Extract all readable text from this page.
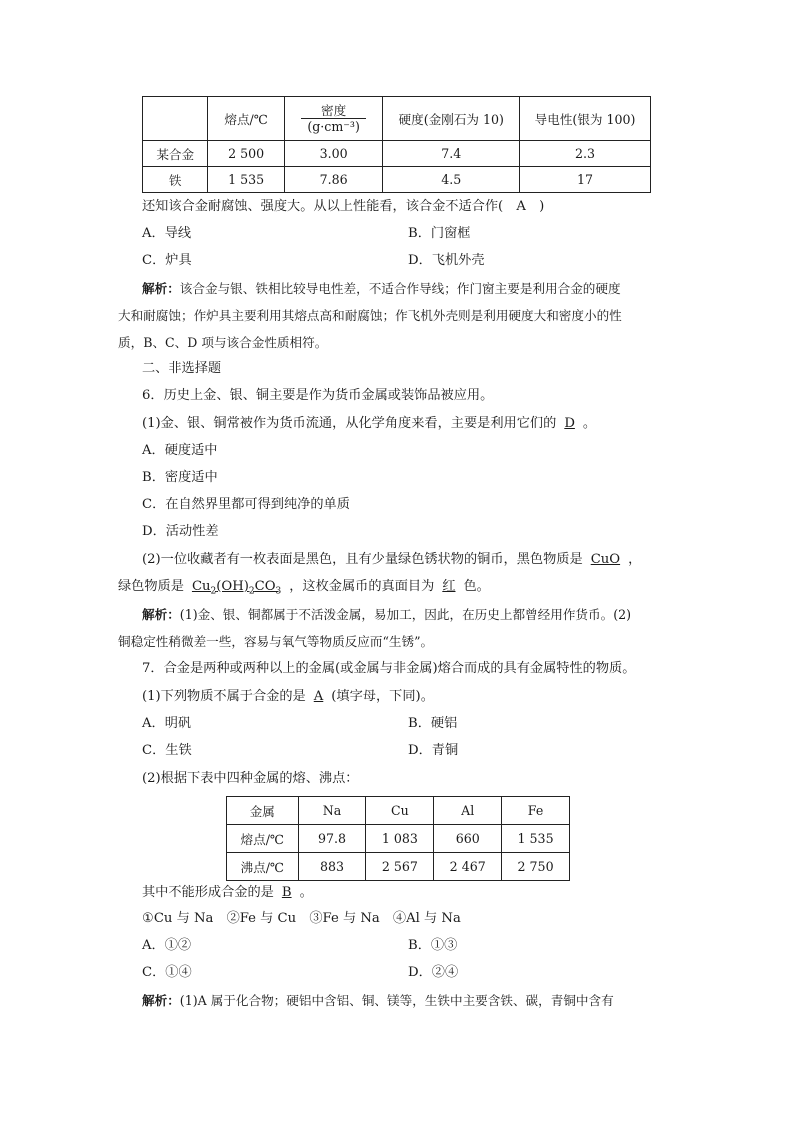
	熔点/℃	$\frac{\text{密度}}{\text{(g·cm⁻³)}}$	硬度(金刚石为 10)	导电性(银为 100)
某合金	2 500	3.00	7.4	2.3
铁	1 535	7.86	4.5	17
还知该合金耐腐蚀、强度大。从以上性能看，该合金不适合作(　A　)
A．导线	B．门窗框
C．炉具	D．飞机外壳
解析：该合金与银、铁相比较导电性差，不适合作导线；作门窗主要是利用合金的硬度
大和耐腐蚀；作炉具主要利用其熔点高和耐腐蚀；作飞机外壳则是利用硬度大和密度小的性
质，B、C、D 项与该合金性质相符。
二、非选择题
6．历史上金、银、铜主要是作为货币金属或装饰品被应用。
(1)金、银、铜常被作为货币流通，从化学角度来看，主要是利用它们的 D 。
A．硬度适中
B．密度适中
C．在自然界里都可得到纯净的单质
D．活动性差
(2)一位收藏者有一枚表面是黑色，且有少量绿色锈状物的铜币，黑色物质是 CuO ，
绿色物质是 $Cu_2(OH)_2CO_3$ ，这枚金属币的真面目为 红 色。
解析：(1)金、银、铜都属于不活泼金属，易加工，因此，在历史上都曾经用作货币。(2)
铜稳定性稍微差一些，容易与氧气等物质反应而“生锈”。
7．合金是两种或两种以上的金属(或金属与非金属)熔合而成的具有金属特性的物质。
(1)下列物质不属于合金的是 A (填字母，下同)。
A．明矾	B．硬铝
C．生铁	D．青铜
(2)根据下表中四种金属的熔、沸点：
金属	Na	Cu	Al	Fe
熔点/℃	97.8	1 083	660	1 535
沸点/℃	883	2 567	2 467	2 750
其中不能形成合金的是 B 。
①Cu 与 Na　②Fe 与 Cu　③Fe 与 Na　④Al 与 Na
A．①②	B．①③
C．①④	D．②④
解析：(1)A 属于化合物；硬铝中含铝、铜、镁等，生铁中主要含铁、碳，青铜中含有
